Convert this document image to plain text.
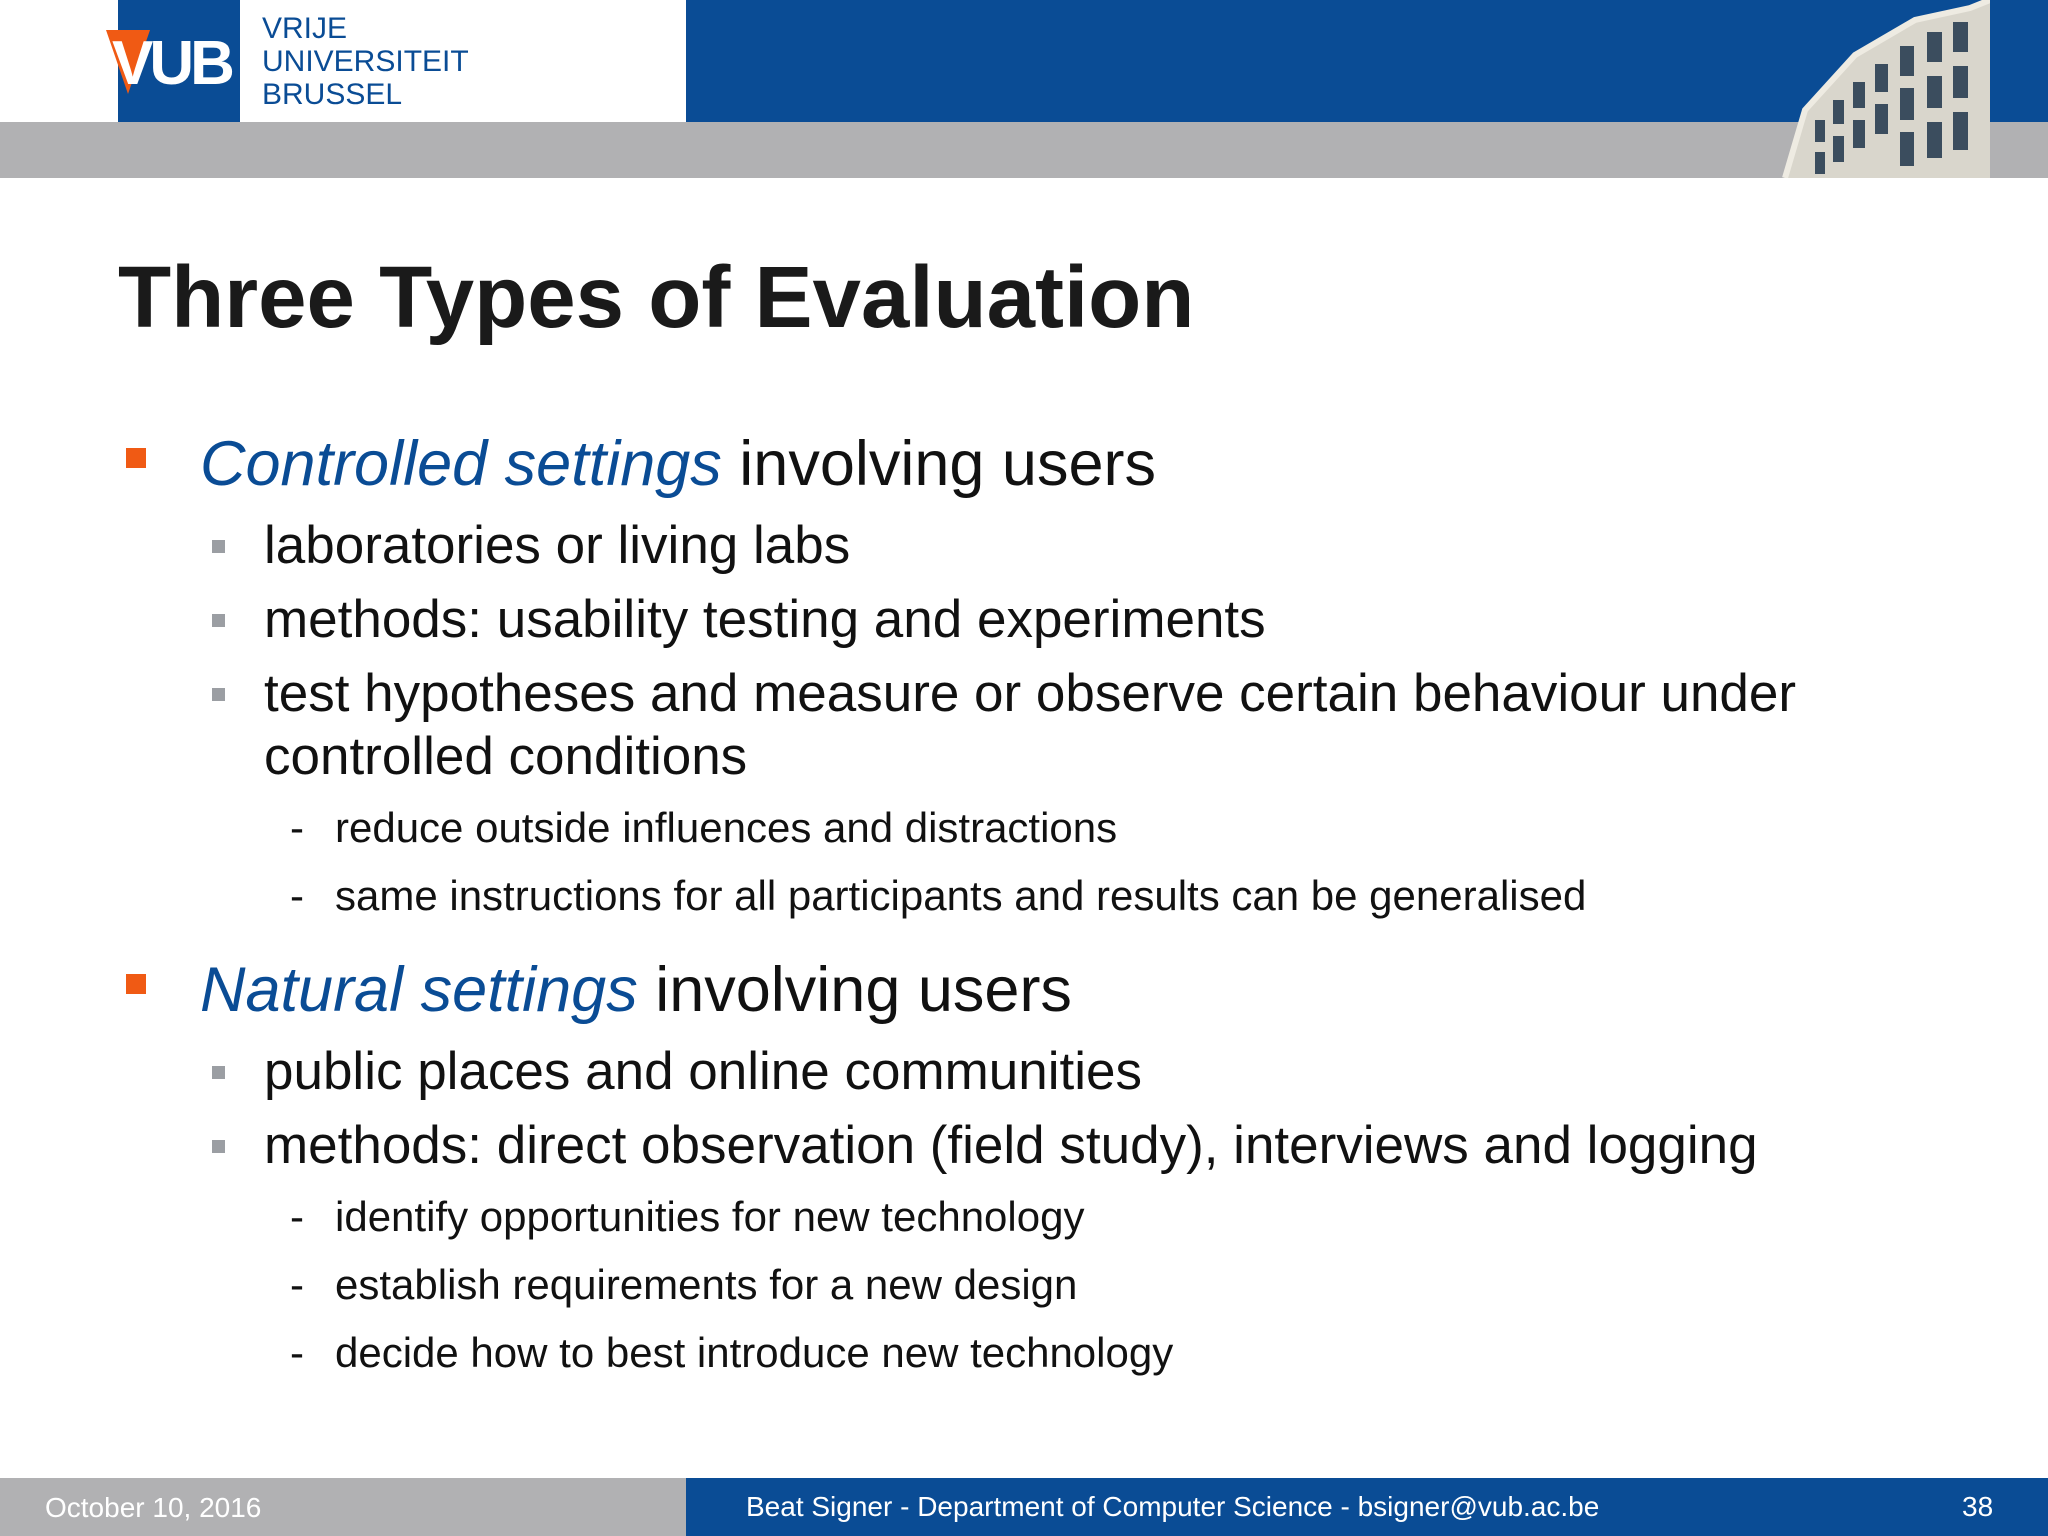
VUB
VRIJE
UNIVERSITEIT
BRUSSEL
Three Types of Evaluation
Controlled settings involving users
laboratories or living labs
methods: usability testing and experiments
test hypotheses and measure or observe certain behaviour under
controlled conditions
- reduce outside influences and distractions
- same instructions for all participants and results can be generalised
Natural settings involving users
public places and online communities
methods: direct observation (field study), interviews and logging
- identify opportunities for new technology
- establish requirements for a new design
- decide how to best introduce new technology
October 10, 2016	Beat Signer - Department of Computer Science - bsigner@vub.ac.be	38
